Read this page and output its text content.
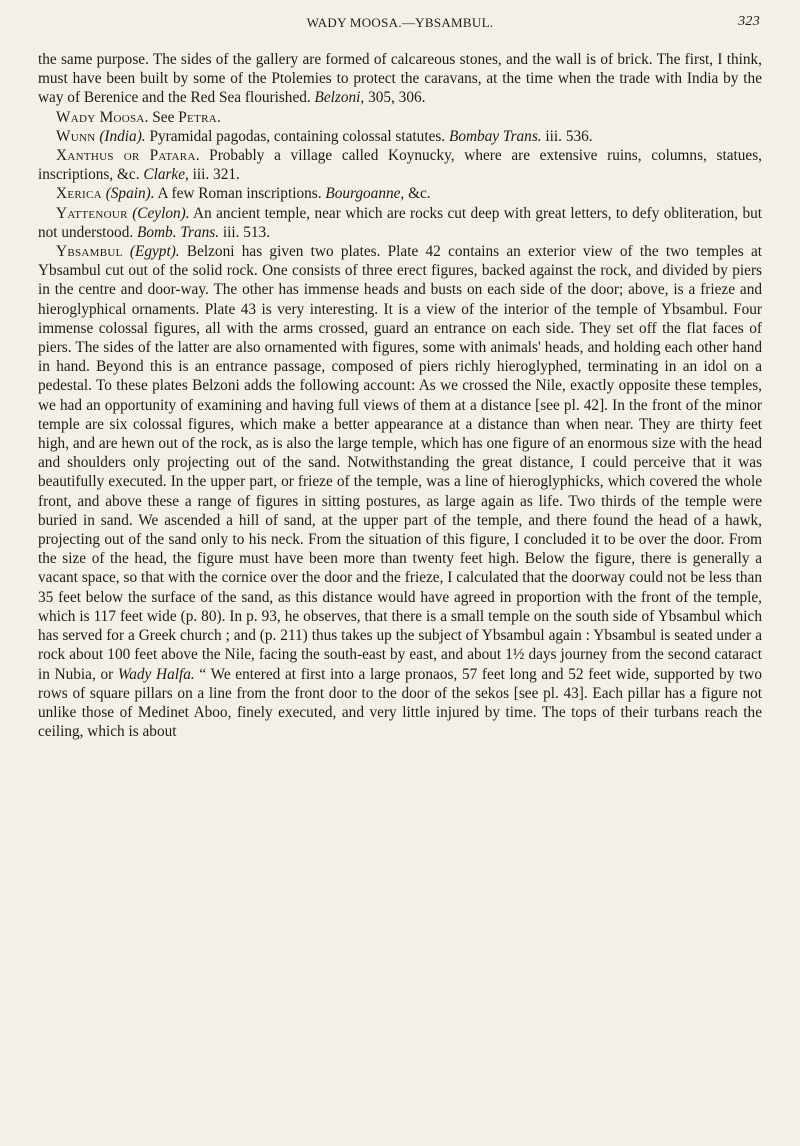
WADY MOOSA.—YBSAMBUL.	323

the same purpose. The sides of the gallery are formed of calcareous stones, and the wall is of brick. The first, I think, must have been built by some of the Ptolemies to protect the caravans, at the time when the trade with India by the way of Berenice and the Red Sea flourished. Belzoni, 305, 306.

Wady Moosa. See Petra.

Wunn (India). Pyramidal pagodas, containing colossal statutes. Bombay Trans. iii. 536.

Xanthus or Patara. Probably a village called Koynucky, where are extensive ruins, columns, statues, inscriptions, &c. Clarke, iii. 321.

Xerica (Spain). A few Roman inscriptions. Bourgoanne, &c.

Yattenour (Ceylon). An ancient temple, near which are rocks cut deep with great letters, to defy obliteration, but not understood. Bomb. Trans. iii. 513.

Ybsambul (Egypt). Belzoni has given two plates. Plate 42 contains an exterior view of the two temples at Ybsambul cut out of the solid rock. One consists of three erect figures, backed against the rock, and divided by piers in the centre and door-way. The other has immense heads and busts on each side of the door; above, is a frieze and hieroglyphical ornaments. Plate 43 is very interesting. It is a view of the interior of the temple of Ybsambul. Four immense colossal figures, all with the arms crossed, guard an entrance on each side. They set off the flat faces of piers. The sides of the latter are also ornamented with figures, some with animals' heads, and holding each other hand in hand. Beyond this is an entrance passage, composed of piers richly hieroglyphed, terminating in an idol on a pedestal. To these plates Belzoni adds the following account: As we crossed the Nile, exactly opposite these temples, we had an opportunity of examining and having full views of them at a distance [see pl. 42]. In the front of the minor temple are six colossal figures, which make a better appearance at a distance than when near. They are thirty feet high, and are hewn out of the rock, as is also the large temple, which has one figure of an enormous size with the head and shoulders only projecting out of the sand. Notwithstanding the great distance, I could perceive that it was beautifully executed. In the upper part, or frieze of the temple, was a line of hieroglyphicks, which covered the whole front, and above these a range of figures in sitting postures, as large again as life. Two thirds of the temple were buried in sand. We ascended a hill of sand, at the upper part of the temple, and there found the head of a hawk, projecting out of the sand only to his neck. From the situation of this figure, I concluded it to be over the door. From the size of the head, the figure must have been more than twenty feet high. Below the figure, there is generally a vacant space, so that with the cornice over the door and the frieze, I calculated that the doorway could not be less than 35 feet below the surface of the sand, as this distance would have agreed in proportion with the front of the temple, which is 117 feet wide (p. 80). In p. 93, he observes, that there is a small temple on the south side of Ybsambul which has served for a Greek church ; and (p. 211) thus takes up the subject of Ybsambul again : Ybsambul is seated under a rock about 100 feet above the Nile, facing the south-east by east, and about 1½ days journey from the second cataract in Nubia, or Wady Halfa. “ We entered at first into a large pronaos, 57 feet long and 52 feet wide, supported by two rows of square pillars on a line from the front door to the door of the sekos [see pl. 43]. Each pillar has a figure not unlike those of Medinet Aboo, finely executed, and very little injured by time. The tops of their turbans reach the ceiling, which is about
